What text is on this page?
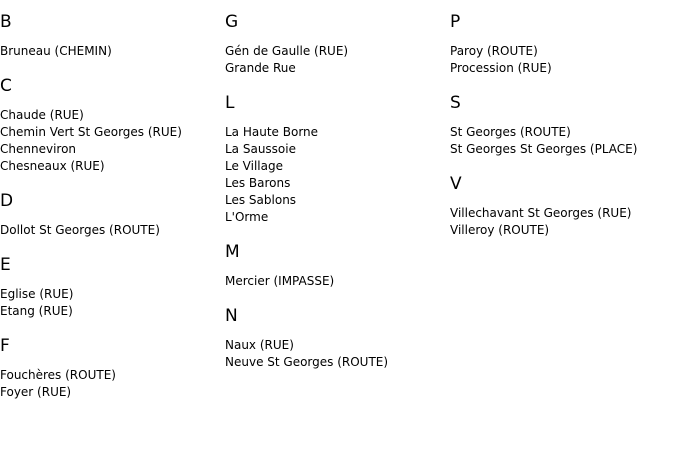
B
Bruneau (CHEMIN)
C
Chaude (RUE)
Chemin Vert St Georges (RUE)
Chenneviron
Chesneaux (RUE)
D
Dollot St Georges (ROUTE)
E
Eglise (RUE)
Etang (RUE)
F
Fouchères (ROUTE)
Foyer (RUE)
G
Gén de Gaulle (RUE)
Grande Rue
L
La Haute Borne
La Saussoie
Le Village
Les Barons
Les Sablons
L'Orme
M
Mercier (IMPASSE)
N
Naux (RUE)
Neuve St Georges (ROUTE)
P
Paroy (ROUTE)
Procession (RUE)
S
St Georges (ROUTE)
St Georges St Georges (PLACE)
V
Villechavant St Georges (RUE)
Villeroy (ROUTE)
